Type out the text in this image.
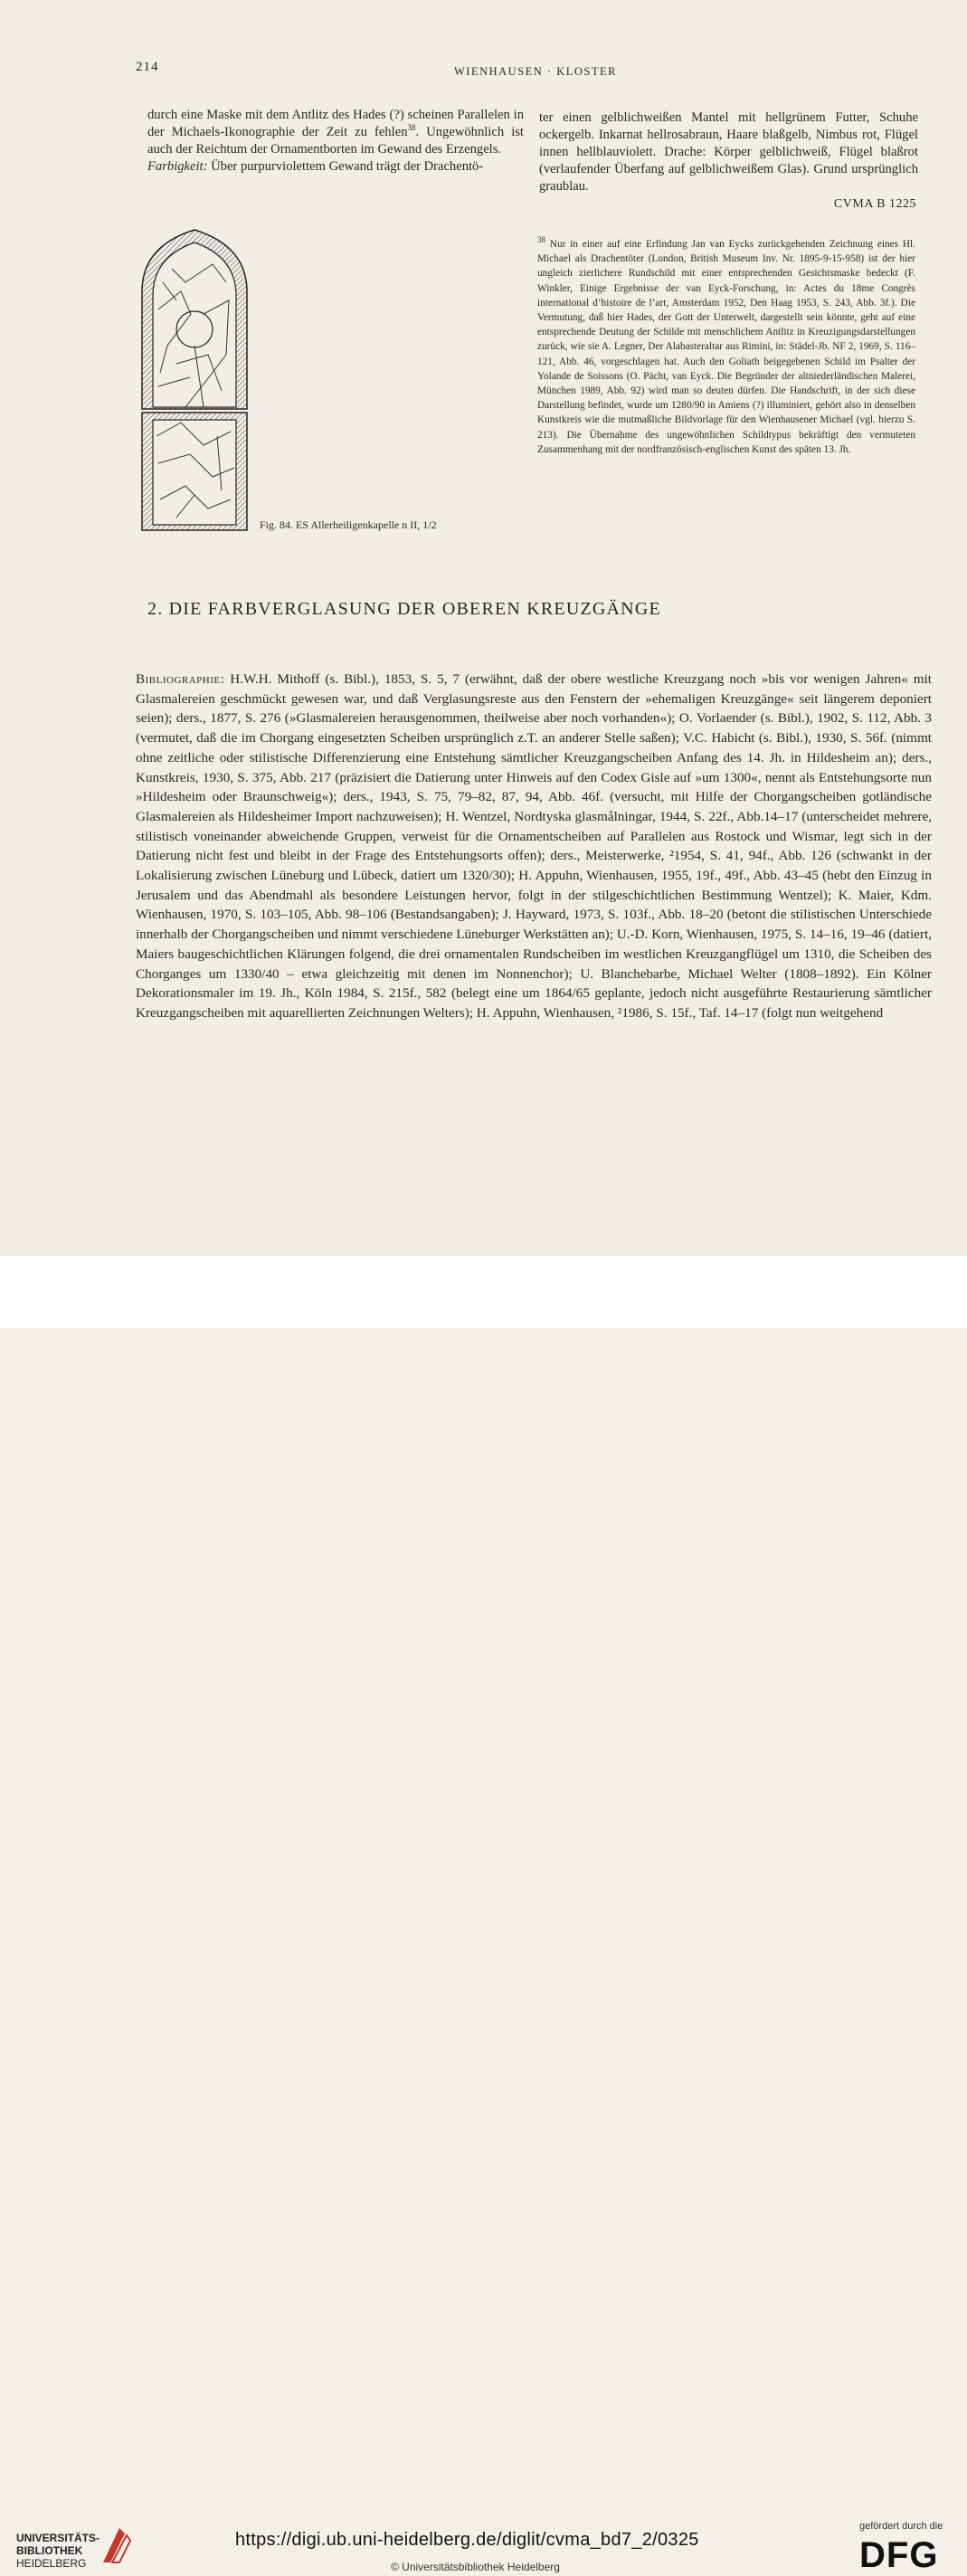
214	WIENHAUSEN · KLOSTER

durch eine Maske mit dem Antlitz des Hades (?) scheinen Parallelen in der Michaels-Ikonographie der Zeit zu fehlen$^{38}$. Ungewöhnlich ist auch der Reichtum der Ornamentborten im Gewand des Erzengels.

Farbigkeit: Über purpurviolettem Gewand trägt der Drachentö-

ter einen gelblichweißen Mantel mit hellgrünem Futter, Schuhe ockergelb. Inkarnat hellrosabraun, Haare blaßgelb, Nimbus rot, Flügel innen hellblauviolett. Drache: Körper gelblichweiß, Flügel blaßrot (verlaufender Überfang auf gelblichweißem Glas). Grund ursprünglich graublau.

CVMA B 1225
$^{38}$ Nur in einer auf eine Erfindung Jan van Eycks zurückgehenden Zeichnung eines Hl. Michael als Drachentöter (London, British Museum Inv. Nr. 1895-9-15-958) ist der hier ungleich zierlichere Rundschild mit einer entsprechenden Gesichtsmaske bedeckt (F. Winkler, Einige Ergebnisse der van Eyck-Forschung, in: Actes du 18me Congrès international d’histoire de l’art, Amsterdam 1952, Den Haag 1953, S. 243, Abb. 3f.). Die Vermutung, daß hier Hades, der Gott der Unterwelt, dargestellt sein könnte, geht auf eine entsprechende Deutung der Schilde mit menschlichem Antlitz in Kreuzigungsdarstellungen zurück, wie sie A. Legner, Der Alabasteraltar aus Rimini, in: Städel-Jb. NF 2, 1969, S. 116–121, Abb. 46, vorgeschlagen hat. Auch den Goliath beigegebenen Schild im Psalter der Yolande de Soissons (O. Pächt, van Eyck. Die Begründer der altniederländischen Malerei, München 1989, Abb. 92) wird man so deuten dürfen. Die Handschrift, in der sich diese Darstellung befindet, wurde um 1280/90 in Amiens (?) illuminiert, gehört also in denselben Kunstkreis wie die mutmaßliche Bildvorlage für den Wienhausener Michael (vgl. hierzu S. 213). Die Übernahme des ungewöhnlichen Schildtypus bekräftigt den vermuteten Zusammenhang mit der nordfranzösisch-englischen Kunst des späten 13. Jh.
Fig. 84. ES Allerheiligenkapelle n II, 1/2
2. DIE FARBVERGLASUNG DER OBEREN KREUZGÄNGE
Bibliographie: H.W.H. Mithoff (s. Bibl.), 1853, S. 5, 7 (erwähnt, daß der obere westliche Kreuzgang noch »bis vor wenigen Jahren« mit Glasmalereien geschmückt gewesen war, und daß Verglasungsreste aus den Fenstern der »ehemaligen Kreuzgänge« seit längerem deponiert seien); ders., 1877, S. 276 (»Glasmalereien herausgenommen, theilweise aber noch vorhanden«); O. Vorlaender (s. Bibl.), 1902, S. 112, Abb. 3 (vermutet, daß die im Chorgang eingesetzten Scheiben ursprünglich z.T. an anderer Stelle saßen); V.C. Habicht (s. Bibl.), 1930, S. 56f. (nimmt ohne zeitliche oder stilistische Differenzierung eine Entstehung sämtlicher Kreuzgangscheiben Anfang des 14. Jh. in Hildesheim an); ders., Kunstkreis, 1930, S. 375, Abb. 217 (präzisiert die Datierung unter Hinweis auf den Codex Gisle auf »um 1300«, nennt als Entstehungsorte nun »Hildesheim oder Braunschweig«); ders., 1943, S. 75, 79–82, 87, 94, Abb. 46f. (versucht, mit Hilfe der Chorgangscheiben gotländische Glasmalereien als Hildesheimer Import nachzuweisen); H. Wentzel, Nordtyska glasmålningar, 1944, S. 22f., Abb.14–17 (unterscheidet mehrere, stilistisch voneinander abweichende Gruppen, verweist für die Ornamentscheiben auf Parallelen aus Rostock und Wismar, legt sich in der Datierung nicht fest und bleibt in der Frage des Entstehungsorts offen); ders., Meisterwerke, ²1954, S. 41, 94f., Abb. 126 (schwankt in der Lokalisierung zwischen Lüneburg und Lübeck, datiert um 1320/30); H. Appuhn, Wienhausen, 1955, 19f., 49f., Abb. 43–45 (hebt den Einzug in Jerusalem und das Abendmahl als besondere Leistungen hervor, folgt in der stilgeschichtlichen Bestimmung Wentzel); K. Maier, Kdm. Wienhausen, 1970, S. 103–105, Abb. 98–106 (Bestandsangaben); J. Hayward, 1973, S. 103f., Abb. 18–20 (betont die stilistischen Unterschiede innerhalb der Chorgangscheiben und nimmt verschiedene Lüneburger Werkstätten an); U.-D. Korn, Wienhausen, 1975, S. 14–16, 19–46 (datiert, Maiers baugeschichtlichen Klärungen folgend, die drei ornamentalen Rundscheiben im westlichen Kreuzgangflügel um 1310, die Scheiben des Chorganges um 1330/40 – etwa gleichzeitig mit denen im Nonnenchor); U. Blanchebarbe, Michael Welter (1808–1892). Ein Kölner Dekorationsmaler im 19. Jh., Köln 1984, S. 215f., 582 (belegt eine um 1864/65 geplante, jedoch nicht ausgeführte Restaurierung sämtlicher Kreuzgangscheiben mit aquarellierten Zeichnungen Welters); H. Appuhn, Wienhausen, ²1986, S. 15f., Taf. 14–17 (folgt nun weitgehend
UNIVERSITÄTS-
BIBLIOTHEK
HEIDELBERG
https://digi.ub.uni-heidelberg.de/diglit/cvma_bd7_2/0325
© Universitätsbibliothek Heidelberg
gefördert durch die
DFG
